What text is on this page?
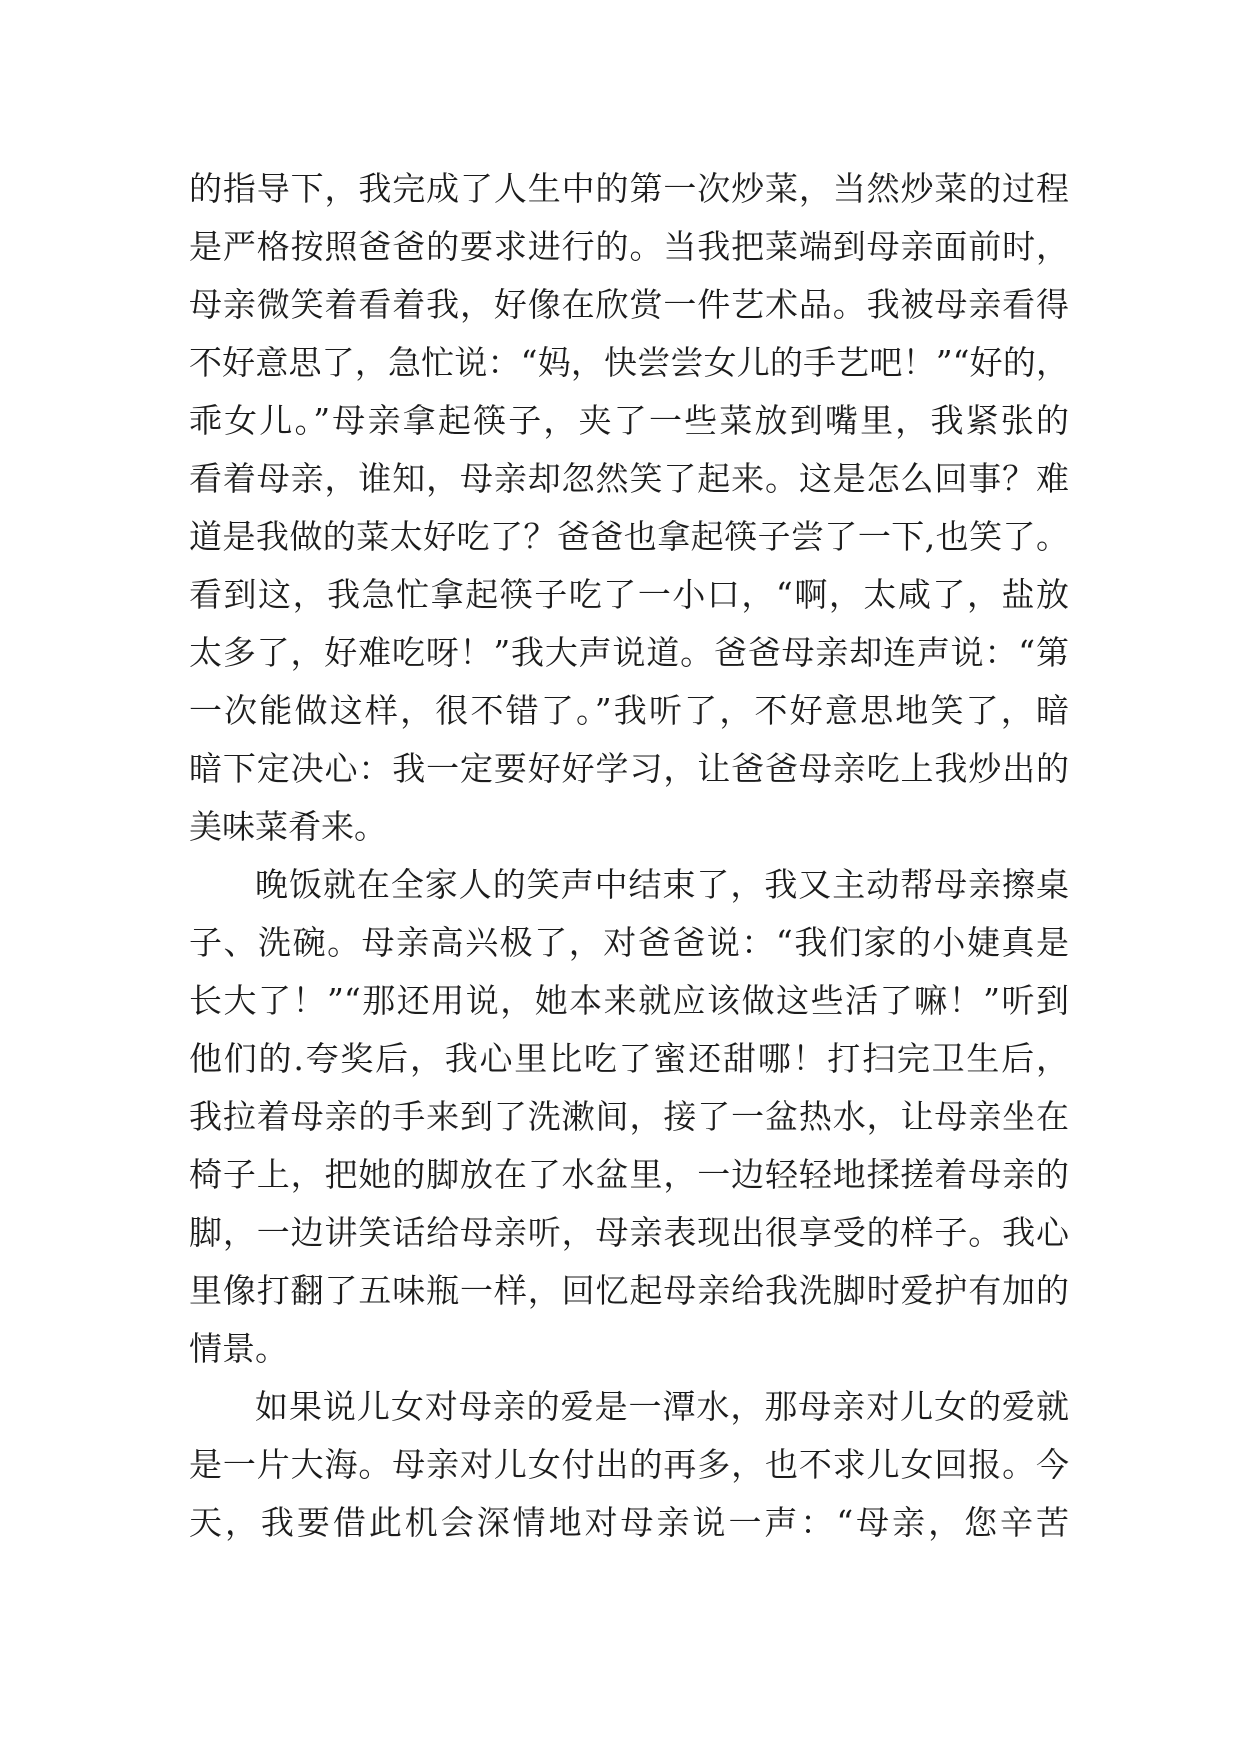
的指导下，我完成了人生中的第一次炒菜，当然炒菜的过程
是严格按照爸爸的要求进行的。当我把菜端到母亲面前时，
母亲微笑着看着我，好像在欣赏一件艺术品。我被母亲看得
不好意思了，急忙说：“妈，快尝尝女儿的手艺吧！”“好的，
乖女儿。”母亲拿起筷子，夹了一些菜放到嘴里，我紧张的
看着母亲，谁知，母亲却忽然笑了起来。这是怎么回事？难
道是我做的菜太好吃了？爸爸也拿起筷子尝了一下,也笑了。
看到这，我急忙拿起筷子吃了一小口，“啊，太咸了，盐放
太多了，好难吃呀！”我大声说道。爸爸母亲却连声说：“第
一次能做这样，很不错了。”我听了，不好意思地笑了，暗
暗下定决心：我一定要好好学习，让爸爸母亲吃上我炒出的
美味菜肴来。
晚饭就在全家人的笑声中结束了，我又主动帮母亲擦桌
子、洗碗。母亲高兴极了，对爸爸说：“我们家的小婕真是
长大了！”“那还用说，她本来就应该做这些活了嘛！”听到
他们的.夸奖后，我心里比吃了蜜还甜哪！打扫完卫生后，
我拉着母亲的手来到了洗漱间，接了一盆热水，让母亲坐在
椅子上，把她的脚放在了水盆里，一边轻轻地揉搓着母亲的
脚，一边讲笑话给母亲听，母亲表现出很享受的样子。我心
里像打翻了五味瓶一样，回忆起母亲给我洗脚时爱护有加的
情景。
如果说儿女对母亲的爱是一潭水，那母亲对儿女的爱就
是一片大海。母亲对儿女付出的再多，也不求儿女回报。今
天，我要借此机会深情地对母亲说一声：“母亲，您辛苦
